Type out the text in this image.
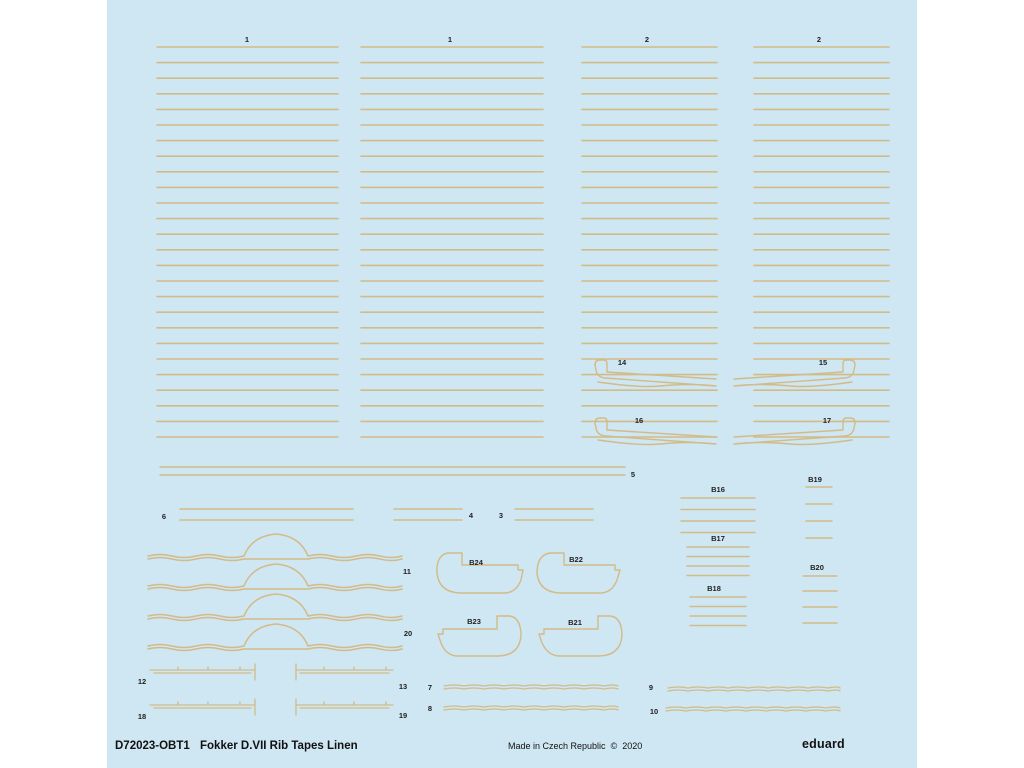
1	1	2	2
14	15
16	17
5
6	4	3
B16
B17
B18
B19
B20
11
20
B24	B22
B23	B21
12
13
18	19
7
8
9
10
D72023-OBT1 Fokker D.VII Rib Tapes Linen	Made in Czech Republic © 2020	eduard
